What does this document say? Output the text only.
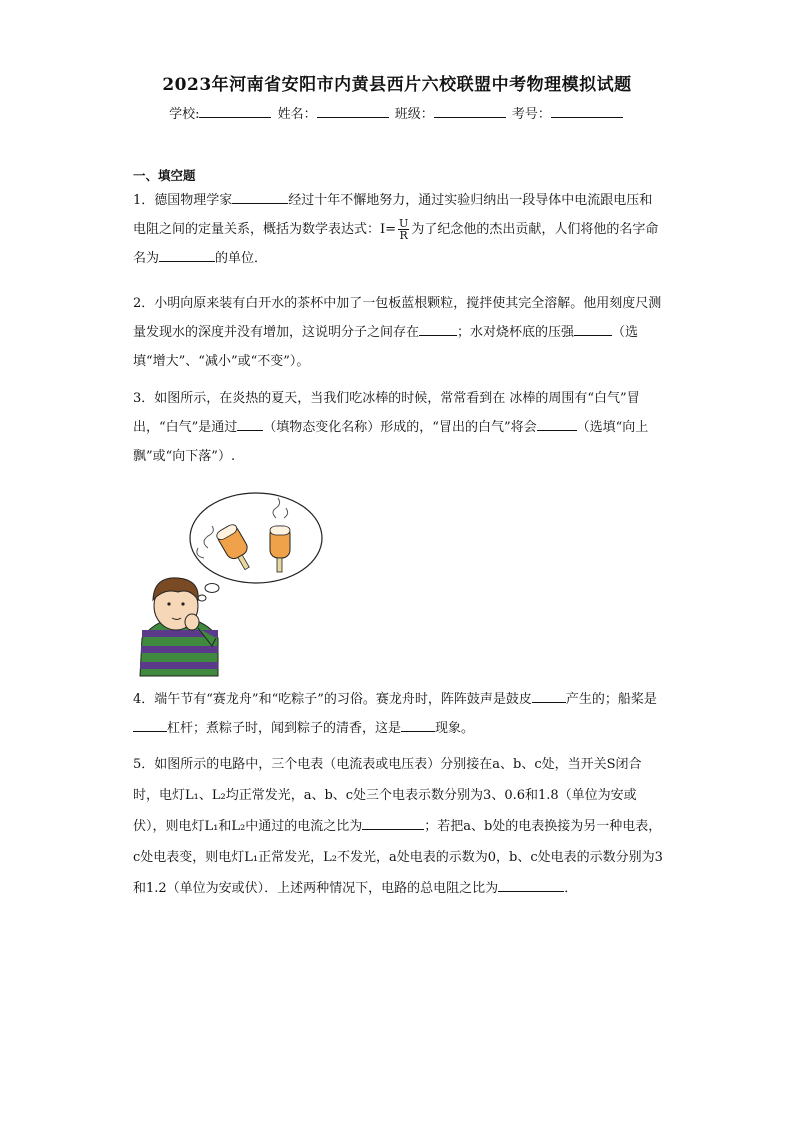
2023年河南省安阳市内黄县西片六校联盟中考物理模拟试题
学校:	姓名：	班级：	考号：
一、填空题

1．德国物理学家	经过十年不懈地努力，通过实验归纳出一段导体中电流跟电压和电阻之间的定量关系，概括为数学表达式：$I= \frac{U}{R}$ 为了纪念他的杰出贡献，人们将他的名字命名为	的单位．

2．小明向原来装有白开水的茶杯中加了一包板蓝根颗粒，搅拌使其完全溶解。他用刻度尺测量发现水的深度并没有增加，这说明分子之间存在	；水对烧杯底的压强	（选填“增大”、“减小”或“不变”）。

3．如图所示，在炎热的夏天，当我们吃冰棒的时候，常常看到在 冰棒的周围有“白气”冒出，“白气”是通过 （填物态变化名称）形成的，“冒出的白气”将会	（选填“向上飘”或“向下落”）.

4．端午节有“赛龙舟”和“吃粽子”的习俗。赛龙舟时，阵阵鼓声是鼓皮	产生的；船桨是杠杆；煮粽子时，闻到粽子的清香，这是	现象。

5．如图所示的电路中，三个电表（电流表或电压表）分别接在a、b、c处，当开关S闭合时，电灯L₁、L₂均正常发光，a、b、c处三个电表示数分别为3、0.6和1.8（单位为安或伏），则电灯L₁和L₂中通过的电流之比为	；若把a、b处的电表换接为另一种电表，c处电表变，则电灯L₁正常发光，L₂不发光，a处电表的示数为0，b、c处电表的示数分别为3和1.2（单位为安或伏）．上述两种情况下，电路的总电阻之比为	．
